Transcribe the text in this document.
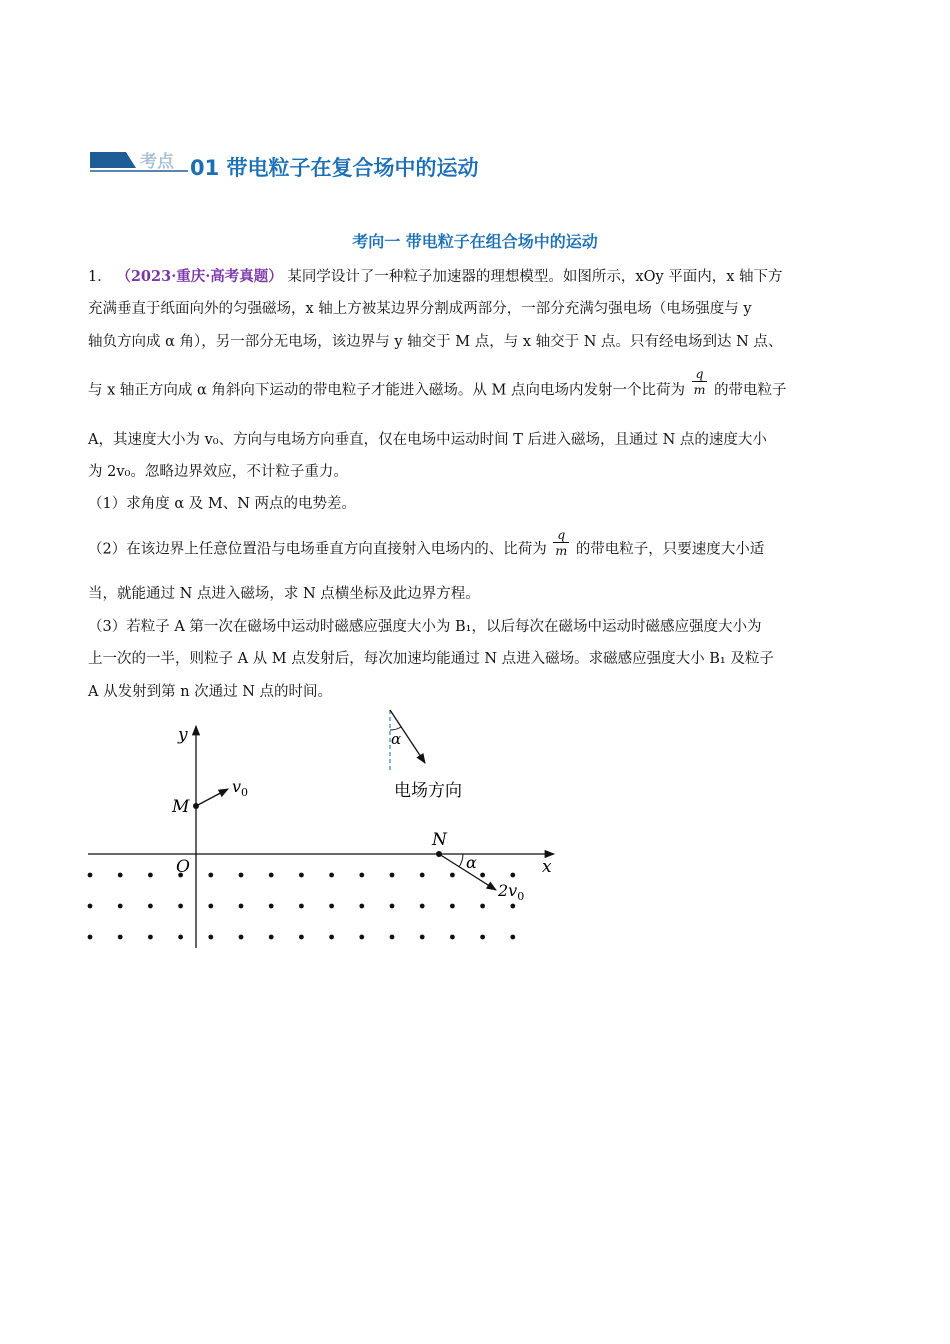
考点 01 带电粒子在复合场中的运动
考向一 带电粒子在组合场中的运动
1． （2023·重庆·高考真题） 某同学设计了一种粒子加速器的理想模型。如图所示，xOy 平面内，x 轴下方
充满垂直于纸面向外的匀强磁场，x 轴上方被某边界分割成两部分，一部分充满匀强电场（电场强度与 y
轴负方向成 α 角），另一部分无电场，该边界与 y 轴交于 M 点，与 x 轴交于 N 点。只有经电场到达 N 点、
与 x 轴正方向成 α 角斜向下运动的带电粒子才能进入磁场。从 M 点向电场内发射一个比荷为 $\frac{q}{m}$ 的带电粒子
A，其速度大小为 v₀、方向与电场方向垂直，仅在电场中运动时间 T 后进入磁场，且通过 N 点的速度大小
为 2v₀。忽略边界效应，不计粒子重力。
（1）求角度 α 及 M、N 两点的电势差。
（2）在该边界上任意位置沿与电场垂直方向直接射入电场内的、比荷为 $\frac{q}{m}$ 的带电粒子，只要速度大小适
当，就能通过 N 点进入磁场，求 N 点横坐标及此边界方程。
（3）若粒子 A 第一次在磁场中运动时磁感应强度大小为 B₁，以后每次在磁场中运动时磁感应强度大小为
上一次的一半，则粒子 A 从 M 点发射后，每次加速均能通过 N 点进入磁场。求磁感应强度大小 B₁ 及粒子
A 从发射到第 n 次通过 N 点的时间。
x
y
O
M
$v_0$
N
α
$2v_0$
α
电场方向
